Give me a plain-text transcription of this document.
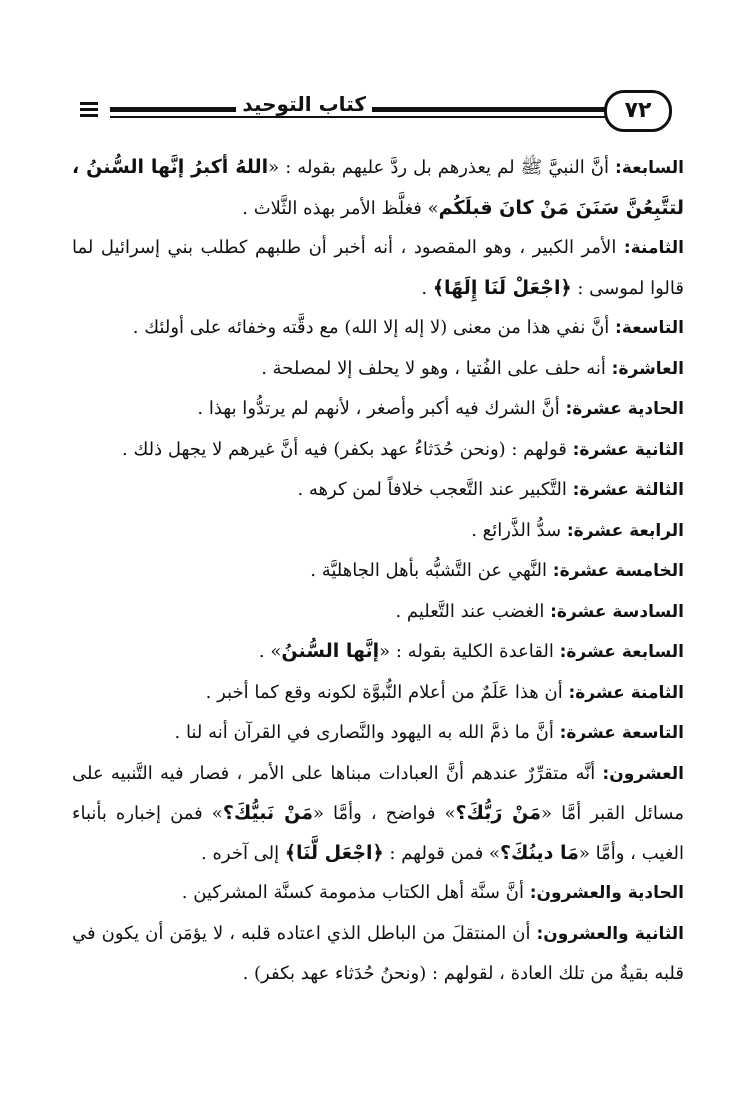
كتاب التوحيد	٧٢
السابعة: أنَّ النبيَّ ﷺ لم يعذرهم بل ردَّ عليهم بقوله : «اللهُ أكبرُ إنَّها السُّننُ ، لتتَّبِعُنَّ سَنَنَ مَنْ كانَ قبلَكُم» فغلَّظ الأمر بهذه الثَّلاث .
الثامنة: الأمر الكبير ، وهو المقصود ، أنه أخبر أن طلبهم كطلب بني إسرائيل لما قالوا لموسى : ﴿اجْعَلْ لَنَا إِلَهًا﴾ .
التاسعة: أنَّ نفي هذا من معنى (لا إله إلا الله) مع دقَّته وخفائه على أولئك .
العاشرة: أنه حلف على الفُتيا ، وهو لا يحلف إلا لمصلحة .
الحادية عشرة: أنَّ الشرك فيه أكبر وأصغر ، لأنهم لم يرتدُّوا بهذا .
الثانية عشرة: قولهم : (ونحن حُدَثاءُ عهد بكفر) فيه أنَّ غيرهم لا يجهل ذلك .
الثالثة عشرة: التَّكبير عند التَّعجب خلافاً لمن كرهه .
الرابعة عشرة: سدُّ الذَّرائع .
الخامسة عشرة: النَّهي عن التَّشبُّه بأهل الجاهليَّة .
السادسة عشرة: الغضب عند التَّعليم .
السابعة عشرة: القاعدة الكلية بقوله : «إنَّها السُّننُ» .
الثامنة عشرة: أن هذا عَلَمٌ من أعلام النُّبوَّة لكونه وقع كما أخبر .
التاسعة عشرة: أنَّ ما ذمَّ الله به اليهود والنَّصارى في القرآن أنه لنا .
العشرون: أنَّه متقرِّرٌ عندهم أنَّ العبادات مبناها على الأمر ، فصار فيه التَّنبيه على مسائل القبر أمَّا «مَنْ رَبُّكَ؟» فواضح ، وأمَّا «مَنْ نَبيُّكَ؟» فمن إخباره بأنباء الغيب ، وأمَّا «مَا دينُكَ؟» فمن قولهم : ﴿اجْعَل لَّنَا﴾ إلى آخره .
الحادية والعشرون: أنَّ سنَّة أهل الكتاب مذمومة كسنَّة المشركين .
الثانية والعشرون: أن المنتقلَ من الباطل الذي اعتاده قلبه ، لا يؤمَن أن يكون في قلبه بقيةٌ من تلك العادة ، لقولهم : (ونحنُ حُدَثاء عهد بكفر) .
